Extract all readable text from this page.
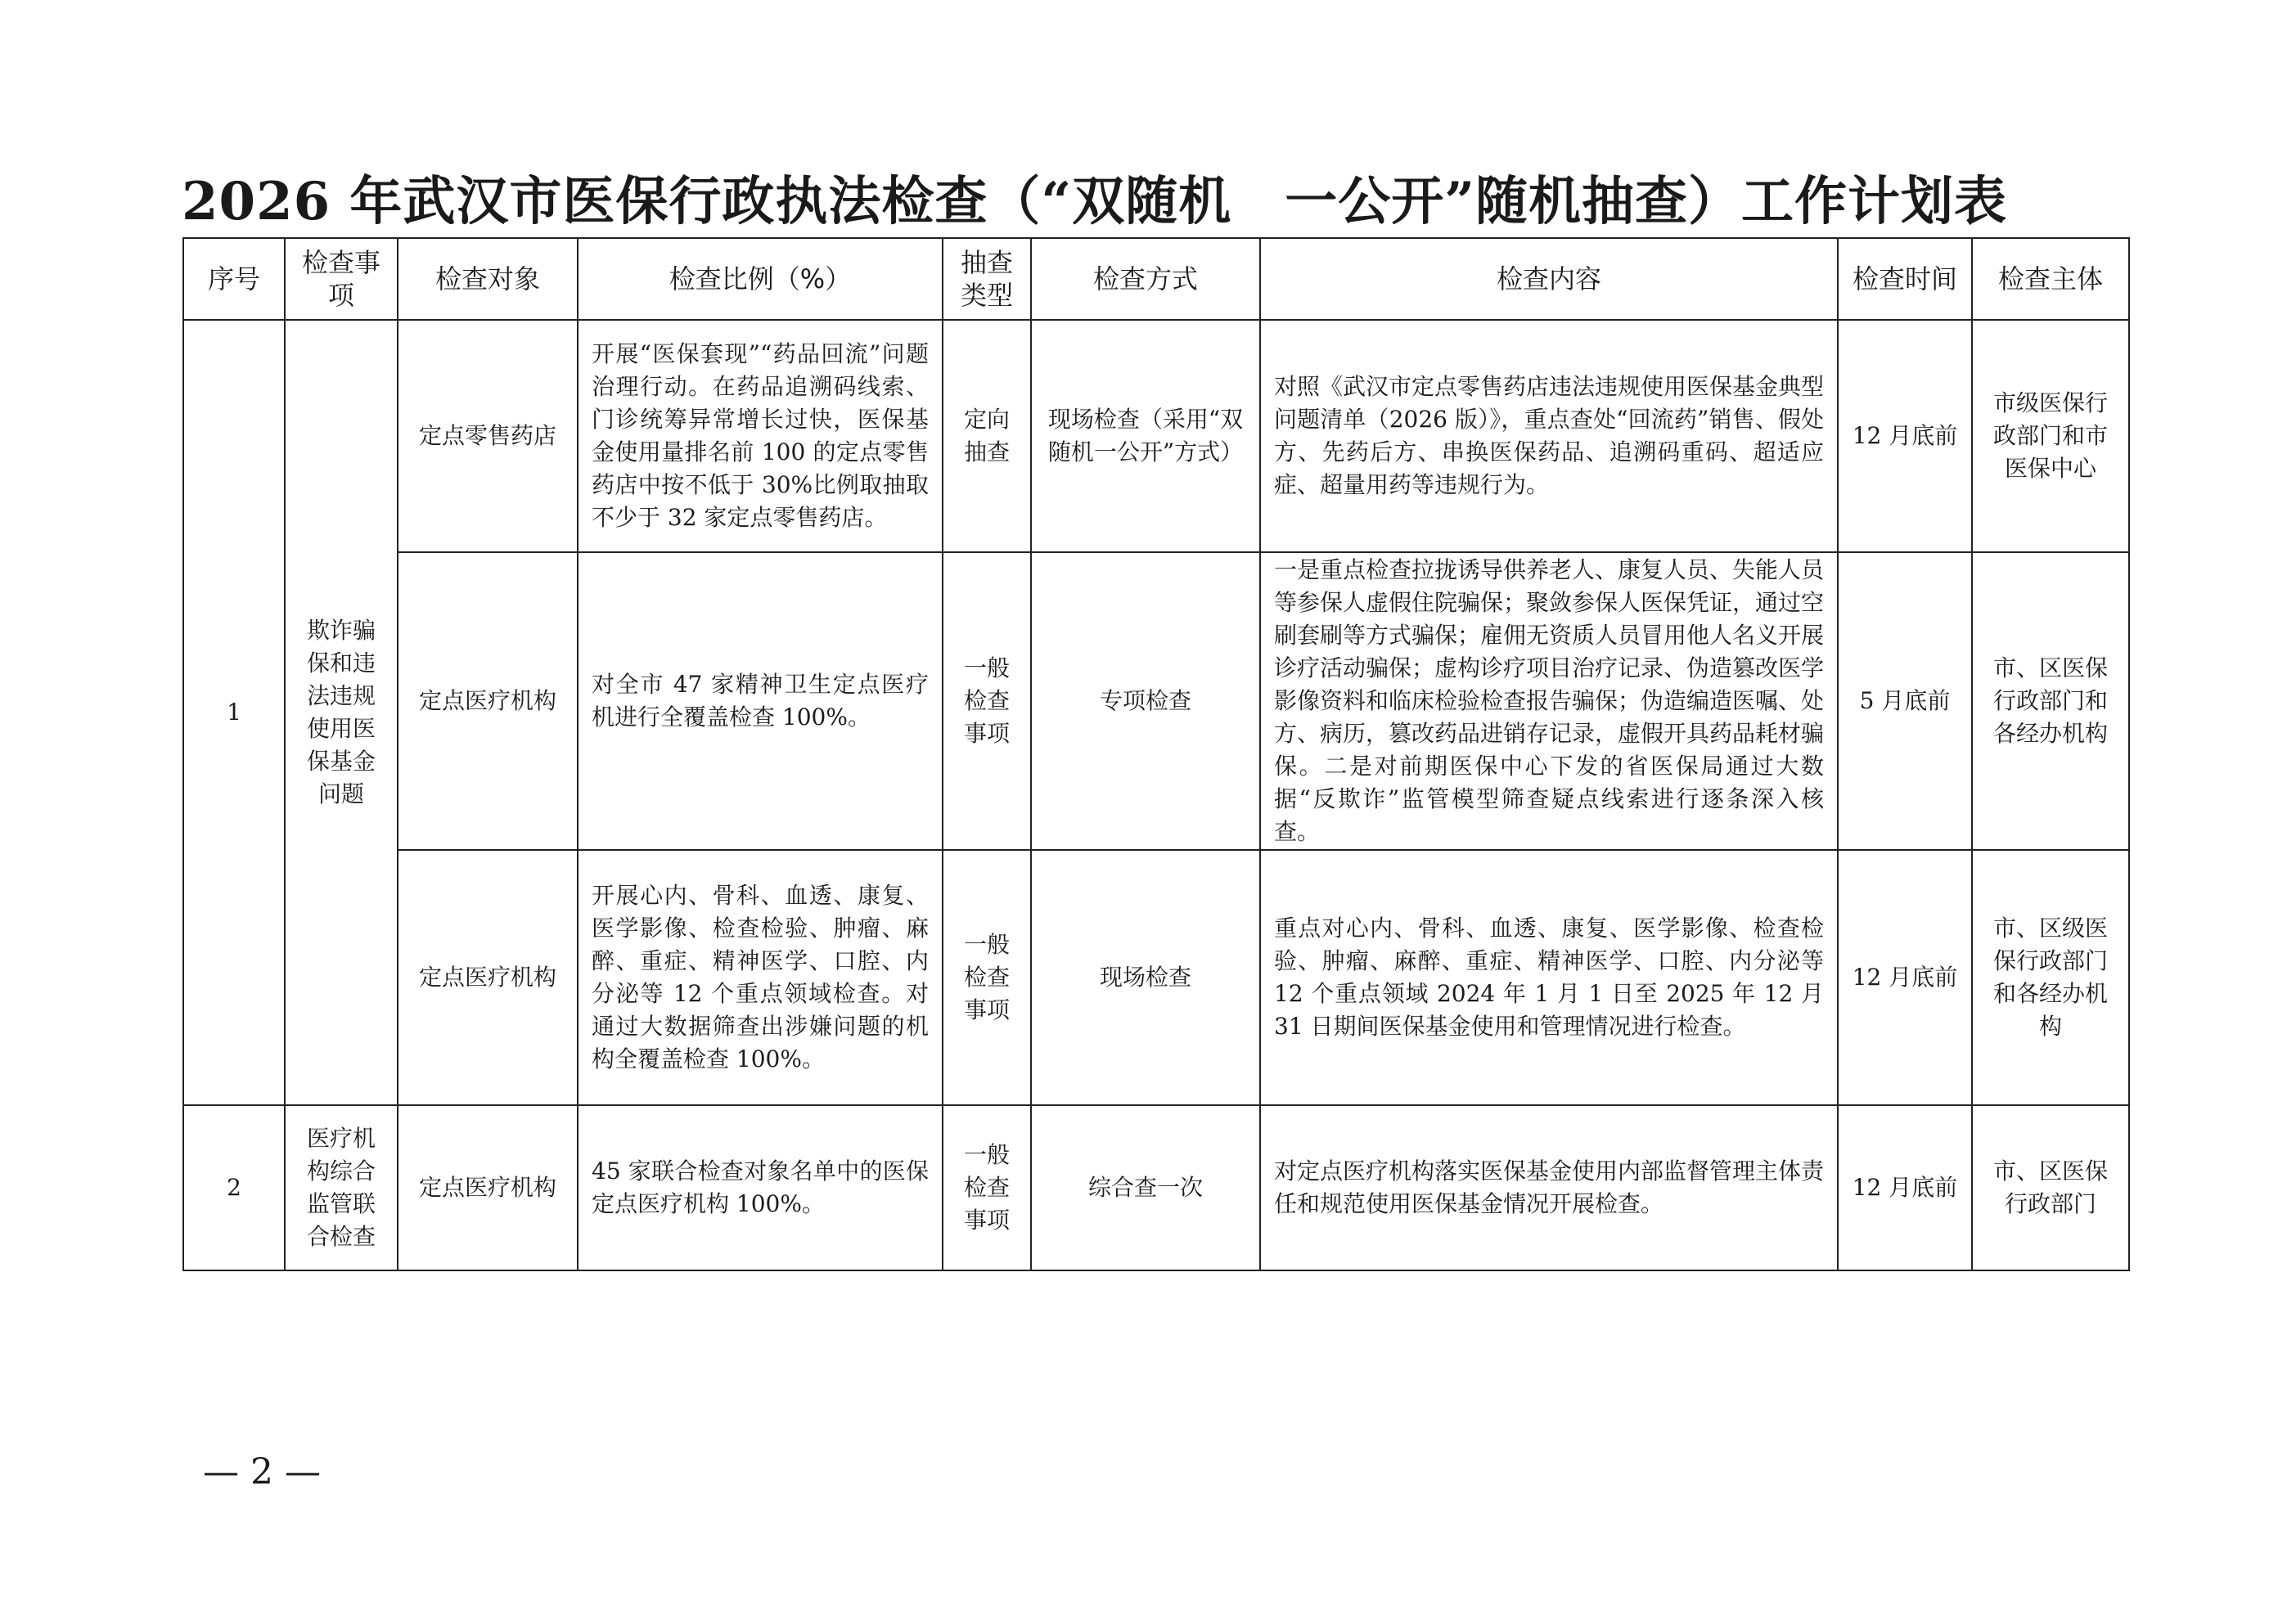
2026 年武汉市医保行政执法检查（“双随机　一公开”随机抽查）工作计划表
序号	检查事项	检查对象	检查比例（%）	抽查类型	检查方式	检查内容	检查时间	检查主体
1	欺诈骗保和违法违规使用医保基金问题	定点零售药店	开展“医保套现”“药品回流”问题治理行动。在药品追溯码线索、门诊统筹异常增长过快，医保基金使用量排名前 100 的定点零售药店中按不低于 30%比例取抽取不少于 32 家定点零售药店。	定向抽查	现场检查（采用“双随机一公开”方式）	对照《武汉市定点零售药店违法违规使用医保基金典型问题清单（2026 版）》，重点查处“回流药”销售、假处方、先药后方、串换医保药品、追溯码重码、超适应症、超量用药等违规行为。	12 月底前	市级医保行政部门和市医保中心
		定点医疗机构	对全市 47 家精神卫生定点医疗机进行全覆盖检查 100%。	一般检查事项	专项检查	一是重点检查拉拢诱导供养老人、康复人员、失能人员等参保人虚假住院骗保；聚敛参保人医保凭证，通过空刷套刷等方式骗保；雇佣无资质人员冒用他人名义开展诊疗活动骗保；虚构诊疗项目治疗记录、伪造篡改医学影像资料和临床检验检查报告骗保；伪造编造医嘱、处方、病历，篡改药品进销存记录，虚假开具药品耗材骗保。二是对前期医保中心下发的省医保局通过大数据“反欺诈”监管模型筛查疑点线索进行逐条深入核查。	5 月底前	市、区医保行政部门和各经办机构
		定点医疗机构	开展心内、骨科、血透、康复、医学影像、检查检验、肿瘤、麻醉、重症、精神医学、口腔、内分泌等 12 个重点领域检查。对通过大数据筛查出涉嫌问题的机构全覆盖检查 100%。	一般检查事项	现场检查	重点对心内、骨科、血透、康复、医学影像、检查检验、肿瘤、麻醉、重症、精神医学、口腔、内分泌等 12 个重点领域 2024 年 1 月 1 日至 2025 年 12 月 31 日期间医保基金使用和管理情况进行检查。	12 月底前	市、区级医保行政部门和各经办机构
2	医疗机构综合监管联合检查	定点医疗机构	45 家联合检查对象名单中的医保定点医疗机构 100%。	一般检查事项	综合查一次	对定点医疗机构落实医保基金使用内部监督管理主体责任和规范使用医保基金情况开展检查。	12 月底前	市、区医保行政部门
— 2 —
